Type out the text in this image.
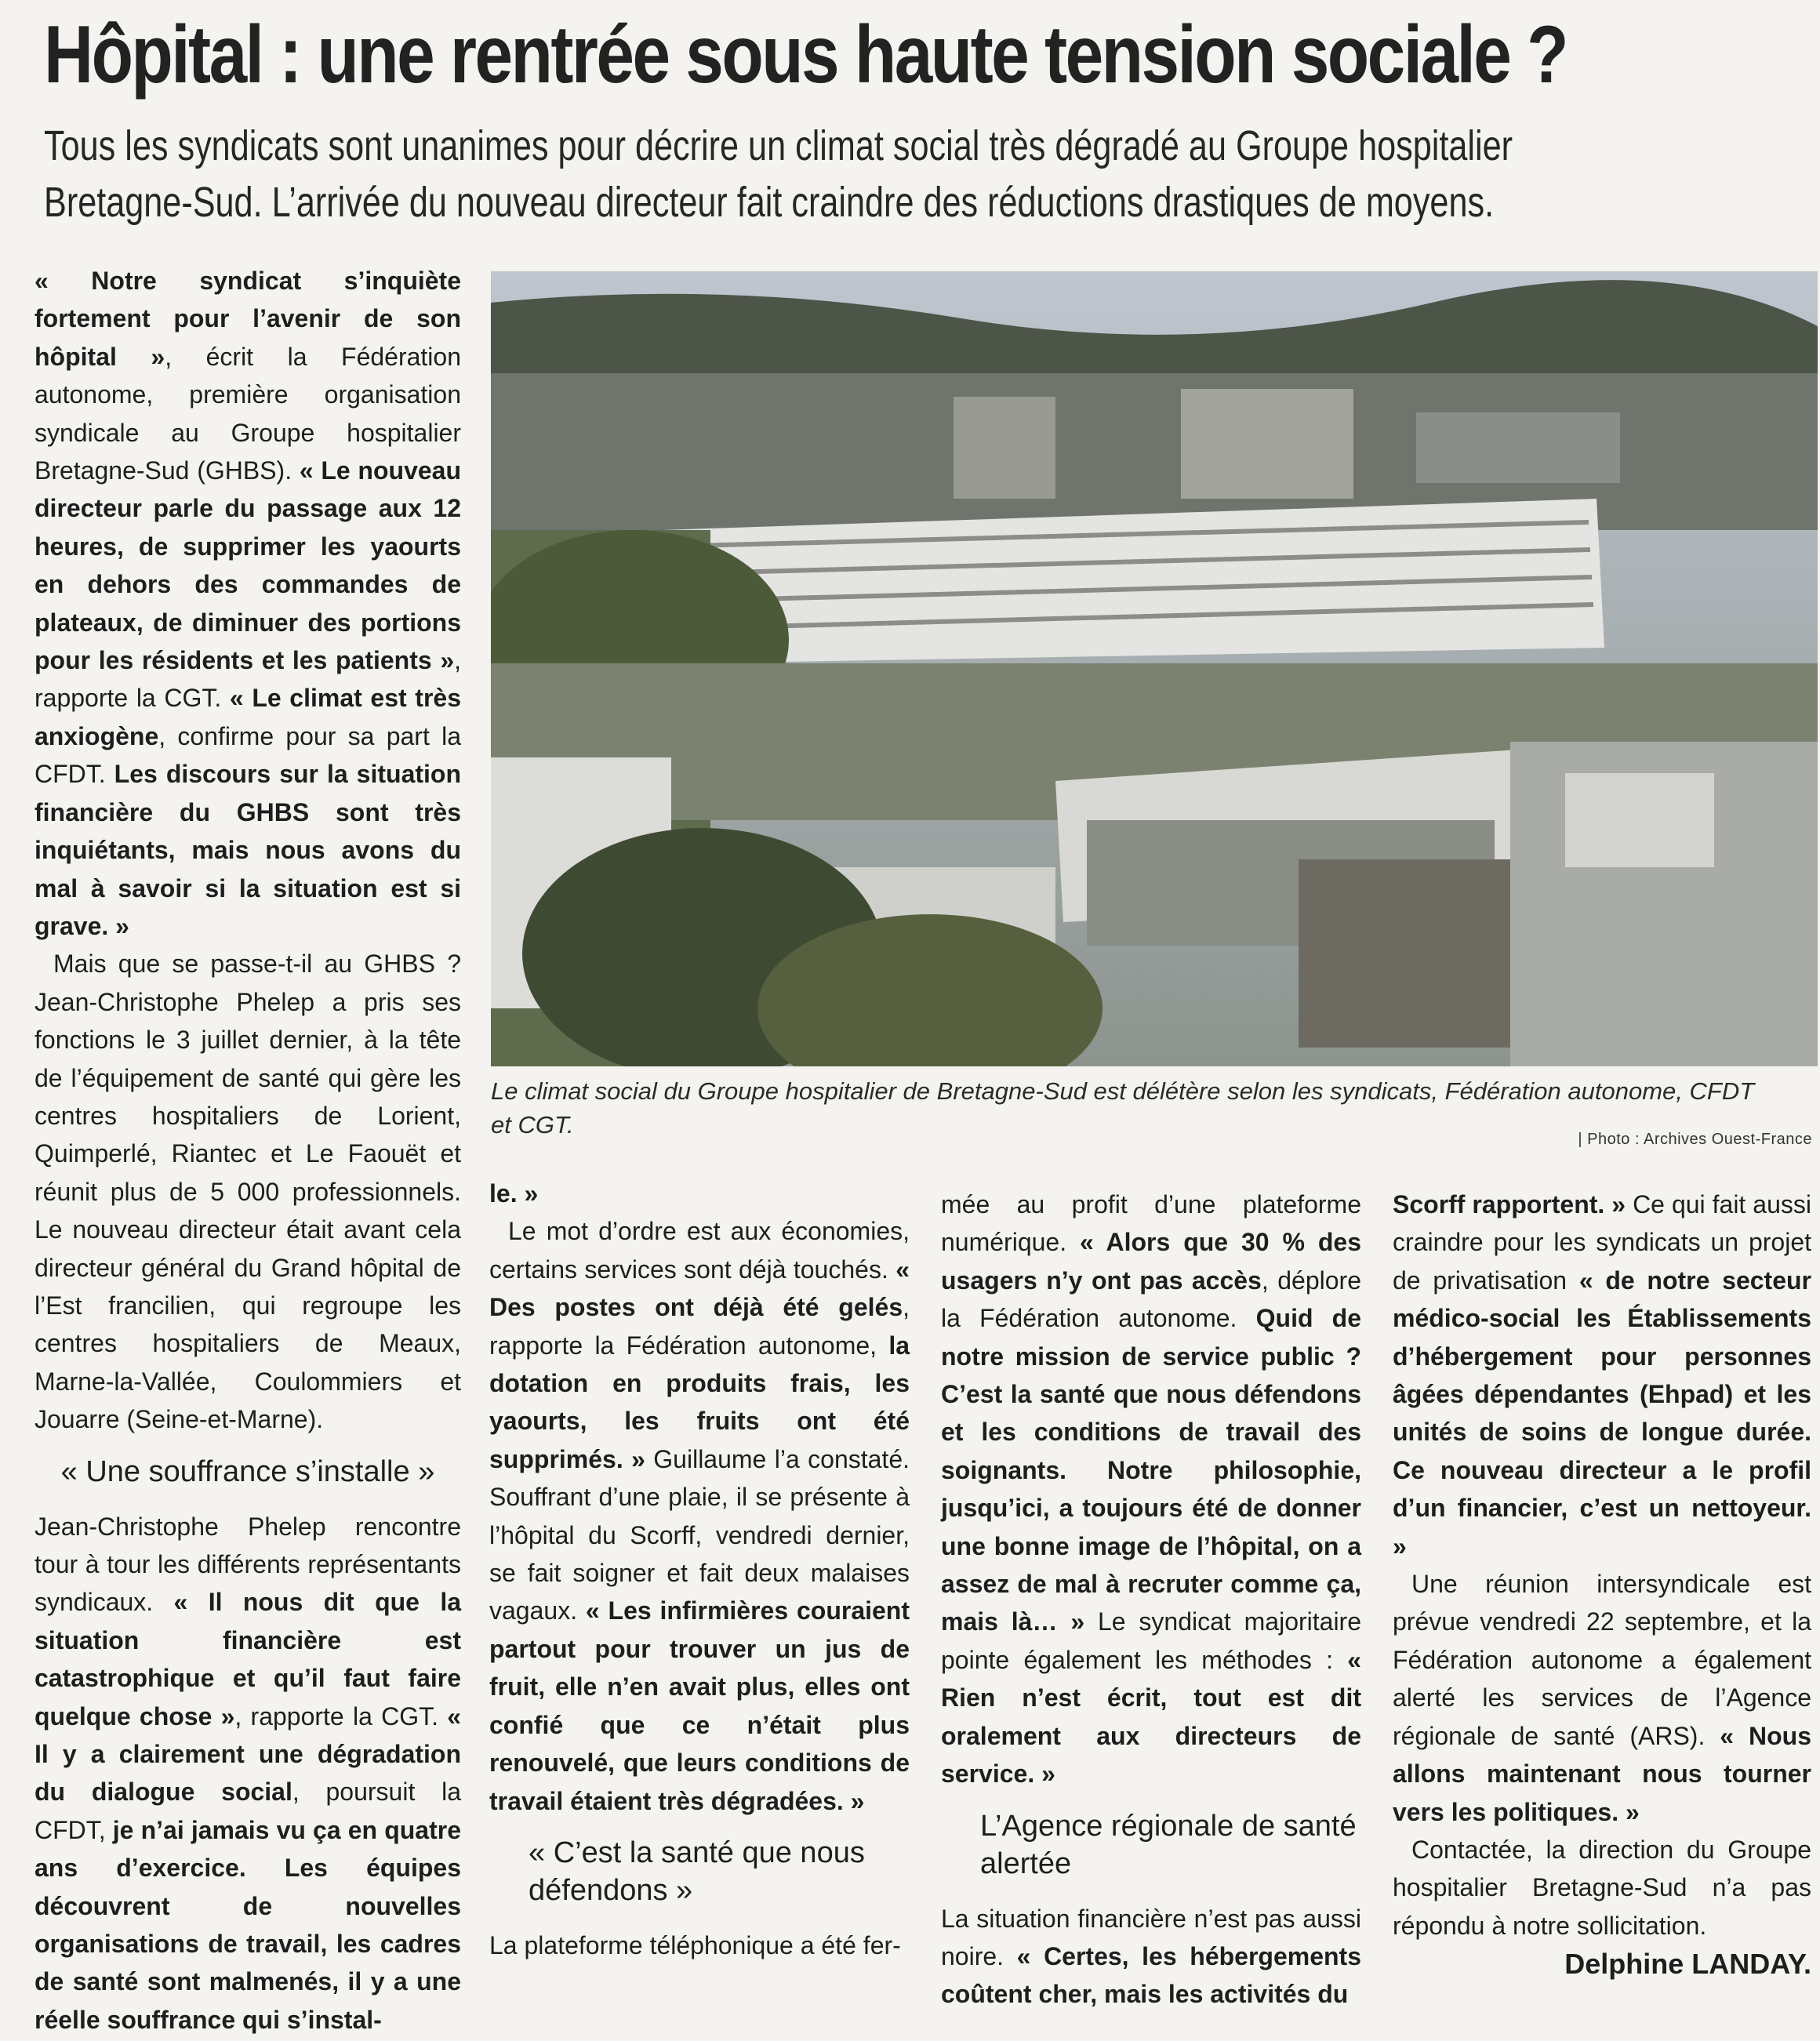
Hôpital : une rentrée sous haute tension sociale ?
Tous les syndicats sont unanimes pour décrire un climat social très dégradé au Groupe hospitalier Bretagne-Sud. L’arrivée du nouveau directeur fait craindre des réductions drastiques de moyens.

« Notre syndicat s’inquiète fortement pour l’avenir de son hôpital », écrit la Fédération autonome, première organisation syndicale au Groupe hospitalier Bretagne-Sud (GHBS). « Le nouveau directeur parle du passage aux 12 heures, de supprimer les yaourts en dehors des commandes de plateaux, de diminuer des portions pour les résidents et les patients », rapporte la CGT. « Le climat est très anxiogène, confirme pour sa part la CFDT. Les discours sur la situation financière du GHBS sont très inquiétants, mais nous avons du mal à savoir si la situation est si grave. »

Mais que se passe-t-il au GHBS ? Jean-Christophe Phelep a pris ses fonctions le 3 juillet dernier, à la tête de l’équipement de santé qui gère les centres hospitaliers de Lorient, Quimperlé, Riantec et Le Faouët et réunit plus de 5 000 professionnels. Le nouveau directeur était avant cela directeur général du Grand hôpital de l’Est francilien, qui regroupe les centres hospitaliers de Meaux, Marne-la-Vallée, Coulommiers et Jouarre (Seine-et-Marne).

« Une souffrance s’installe »

Jean-Christophe Phelep rencontre tour à tour les différents représentants syndicaux. « Il nous dit que la situation financière est catastrophique et qu’il faut faire quelque chose », rapporte la CGT. « Il y a clairement une dégradation du dialogue social, poursuit la CFDT, je n’ai jamais vu ça en quatre ans d’exercice. Les équipes découvrent de nouvelles organisations de travail, les cadres de santé sont malmenés, il y a une réelle souffrance qui s’instal-

Le climat social du Groupe hospitalier de Bretagne-Sud est délétère selon les syndicats, Fédération autonome, CFDT et CGT.
| Photo : Archives Ouest-France

le. »

Le mot d’ordre est aux économies, certains services sont déjà touchés. « Des postes ont déjà été gelés, rapporte la Fédération autonome, la dotation en produits frais, les yaourts, les fruits ont été supprimés. » Guillaume l’a constaté. Souffrant d’une plaie, il se présente à l’hôpital du Scorff, vendredi dernier, se fait soigner et fait deux malaises vagaux. « Les infirmières couraient partout pour trouver un jus de fruit, elle n’en avait plus, elles ont confié que ce n’était plus renouvelé, que leurs conditions de travail étaient très dégradées. »

« C’est la santé que nous défendons »

La plateforme téléphonique a été fer-

mée au profit d’une plateforme numérique. « Alors que 30 % des usagers n’y ont pas accès, déplore la Fédération autonome. Quid de notre mission de service public ? C’est la santé que nous défendons et les conditions de travail des soignants. Notre philosophie, jusqu’ici, a toujours été de donner une bonne image de l’hôpital, on a assez de mal à recruter comme ça, mais là… » Le syndicat majoritaire pointe également les méthodes : « Rien n’est écrit, tout est dit oralement aux directeurs de service. »

L’Agence régionale de santé alertée

La situation financière n’est pas aussi noire. « Certes, les hébergements coûtent cher, mais les activités du

Scorff rapportent. » Ce qui fait aussi craindre pour les syndicats un projet de privatisation « de notre secteur médico-social les Établissements d’hébergement pour personnes âgées dépendantes (Ehpad) et les unités de soins de longue durée. Ce nouveau directeur a le profil d’un financier, c’est un nettoyeur. »

Une réunion intersyndicale est prévue vendredi 22 septembre, et la Fédération autonome a également alerté les services de l’Agence régionale de santé (ARS). « Nous allons maintenant nous tourner vers les politiques. »

Contactée, la direction du Groupe hospitalier Bretagne-Sud n’a pas répondu à notre sollicitation.

Delphine LANDAY.
